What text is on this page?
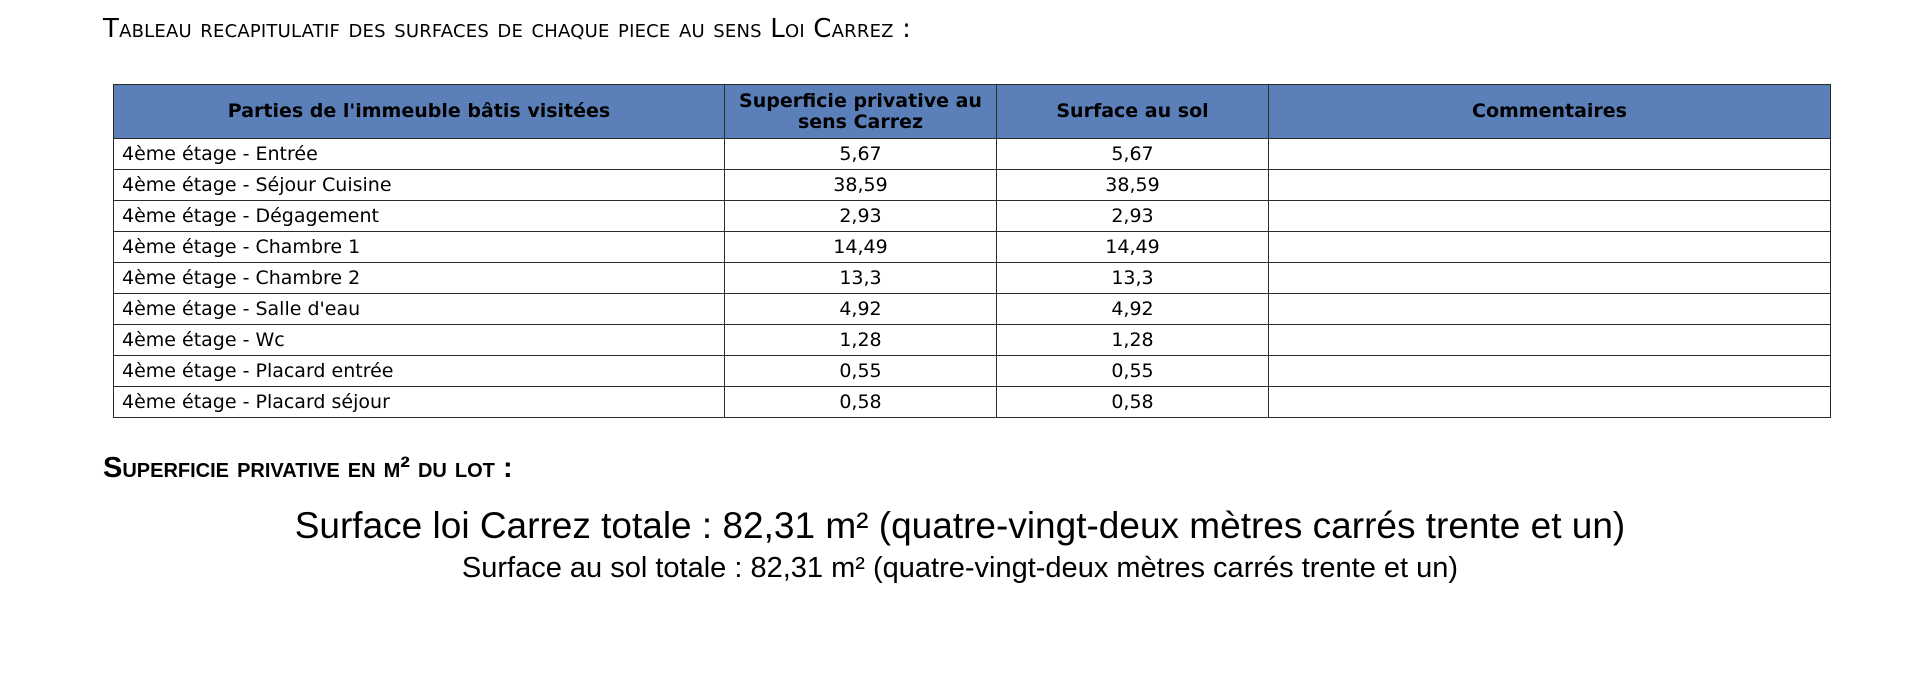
Tableau recapitulatif des surfaces de chaque piece au sens Loi Carrez :
Parties de l'immeuble bâtis visitées	Superficie privative au sens Carrez	Surface au sol	Commentaires
4ème étage - Entrée	5,67	5,67	
4ème étage - Séjour Cuisine	38,59	38,59	
4ème étage - Dégagement	2,93	2,93	
4ème étage - Chambre 1	14,49	14,49	
4ème étage - Chambre 2	13,3	13,3	
4ème étage - Salle d'eau	4,92	4,92	
4ème étage - Wc	1,28	1,28	
4ème étage - Placard entrée	0,55	0,55	
4ème étage - Placard séjour	0,58	0,58	
Superficie privative en m² du lot :
Surface loi Carrez totale : 82,31 m² (quatre-vingt-deux mètres carrés trente et un)
Surface au sol totale : 82,31 m² (quatre-vingt-deux mètres carrés trente et un)
